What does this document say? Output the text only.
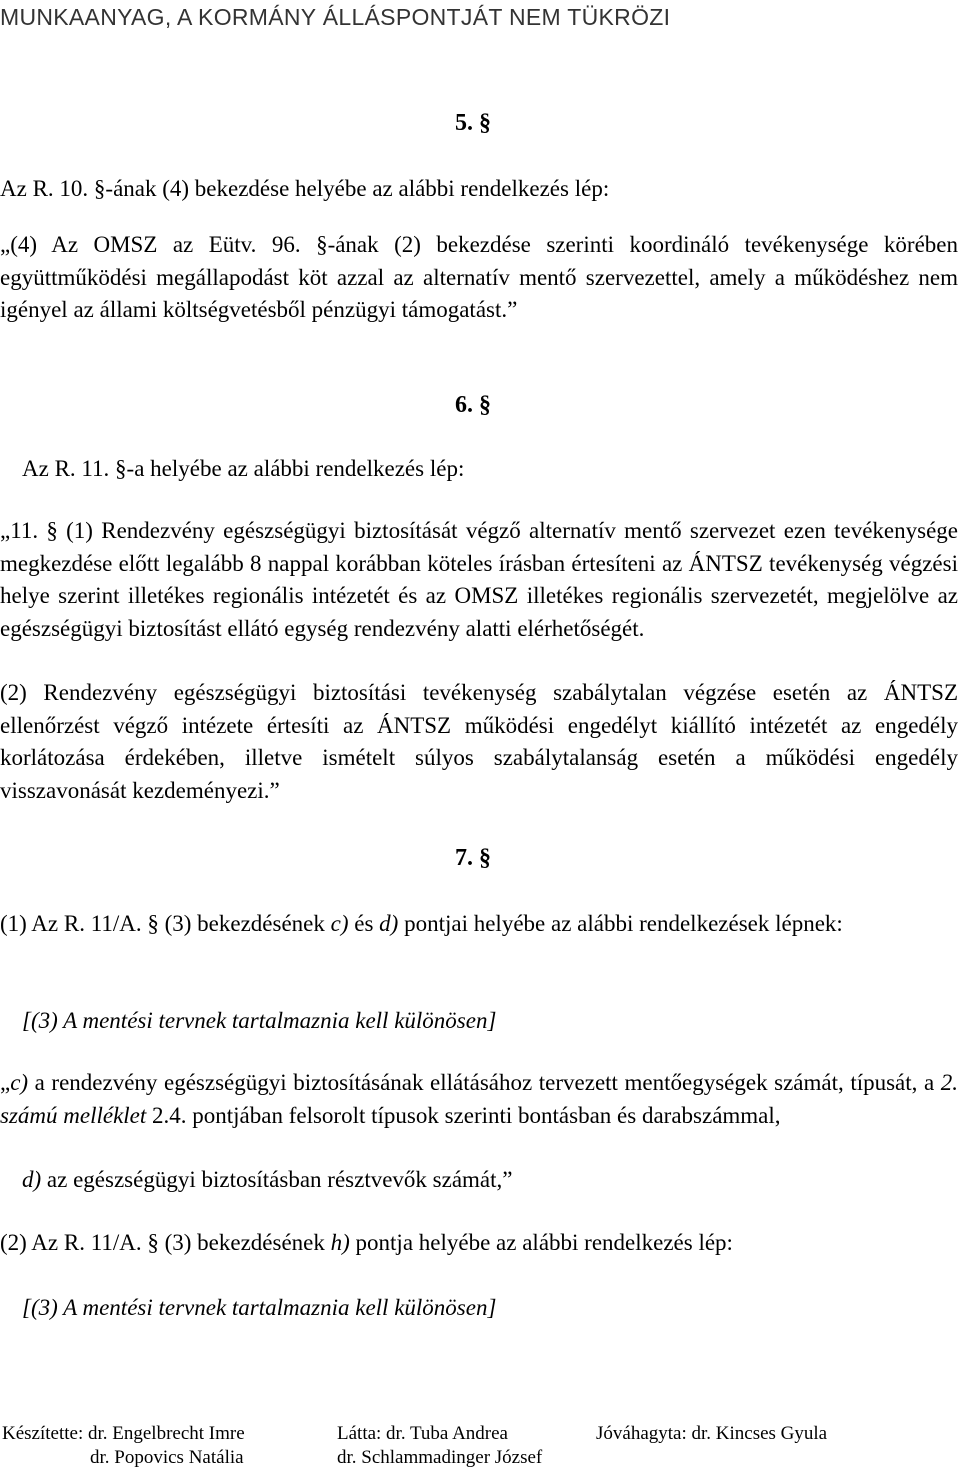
MUNKAANYAG, A KORMÁNY ÁLLÁSPONTJÁT NEM TÜKRÖZI
5. §
Az R. 10. §-ának (4) bekezdése helyébe az alábbi rendelkezés lép:
„(4) Az OMSZ az Eütv. 96. §-ának (2) bekezdése szerinti koordináló tevékenysége körében együttműködési megállapodást köt azzal az alternatív mentő szervezettel, amely a működéshez nem igényel az állami költségvetésből pénzügyi támogatást.”
6. §
Az R. 11. §-a helyébe az alábbi rendelkezés lép:
„11. § (1) Rendezvény egészségügyi biztosítását végző alternatív mentő szervezet ezen tevékenysége megkezdése előtt legalább 8 nappal korábban köteles írásban értesíteni az ÁNTSZ tevékenység végzési helye szerint illetékes regionális intézetét és az OMSZ illetékes regionális szervezetét, megjelölve az egészségügyi biztosítást ellátó egység rendezvény alatti elérhetőségét.
(2) Rendezvény egészségügyi biztosítási tevékenység szabálytalan végzése esetén az ÁNTSZ ellenőrzést végző intézete értesíti az ÁNTSZ működési engedélyt kiállító intézetét az engedély korlátozása érdekében, illetve ismételt súlyos szabálytalanság esetén a működési engedély visszavonását kezdeményezi.”
7. §
(1) Az R. 11/A. § (3) bekezdésének c) és d) pontjai helyébe az alábbi rendelkezések lépnek:
[(3) A mentési tervnek tartalmaznia kell különösen]
„c) a rendezvény egészségügyi biztosításának ellátásához tervezett mentőegységek számát, típusát, a 2. számú melléklet 2.4. pontjában felsorolt típusok szerinti bontásban és darabszámmal,
d) az egészségügyi biztosításban résztvevők számát,”
(2) Az R. 11/A. § (3) bekezdésének h) pontja helyébe az alábbi rendelkezés lép:
[(3) A mentési tervnek tartalmaznia kell különösen]
Készítette: dr. Engelbrecht Imre
dr. Popovics Natália
Látta: dr. Tuba Andrea
dr. Schlammadinger József
Jóváhagyta: dr. Kincses Gyula
